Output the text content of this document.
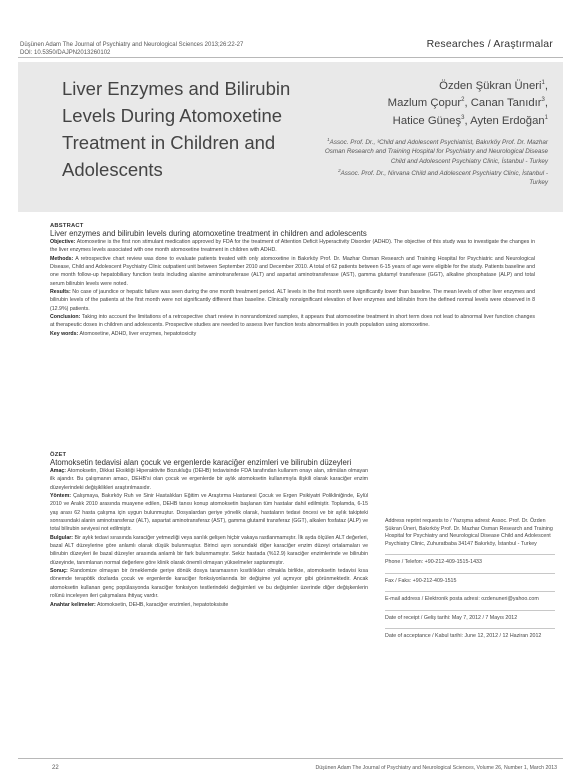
Düşünen Adam The Journal of Psychiatry and Neurological Sciences 2013;26:22-27
DOI: 10.5350/DAJPN2013260102
Researches / Araştırmalar
Liver Enzymes and Bilirubin
Levels During Atomoxetine
Treatment in Children and
Adolescents
Özden Şükran Üneri$^1$,
Mazlum Çopur$^2$, Canan Tanıdır$^3$,
Hatice Güneş$^3$, Ayten Erdoğan$^1$
$^1$Assoc. Prof. Dr., ³Child and Adolescent Psychiatrist, Bakırköy Prof. Dr. Mazhar Osman Research and Training Hospital for Psychiatry and Neurological Disease Child and Adolescent Psychiatry Clinic, İstanbul - Turkey
$^2$Assoc. Prof. Dr., Nirvana Child and Adolescent Psychiatry Clinic, İstanbul - Turkey
ABSTRACT
Liver enzymes and bilirubin levels during atomoxetine treatment in children and adolescents
Objective: Atomoxetine is the first non stimulant medication approved by FDA for the treatment of Attention Deficit Hyperactivity Disorder (ADHD). The objective of this study was to investigate the changes in the liver enzymes levels associated with one month atomoxetine treatment in children with ADHD.
Methods: A retrospective chart review was done to evaluate patients treated with only atomoxetine in Bakırköy Prof. Dr. Mazhar Osman Research and Training Hospital for Psychiatric and Neurological Disease, Child and Adolescent Psychiatry Clinic outpatient unit between September 2010 and December 2010. A total of 62 patients between 6-15 years of age were eligible for the study. Patients baseline and one month follow-up hepatobiliary function tests including alanine aminotransferase (ALT) and aspartat aminotransferase (AST), gamma glutamyl transferase (GGT), alkaline phosphatase (ALP) and total serum bilirubin levels were noted.
Results: No case of jaundice or hepatic failure was seen during the one month treatment period. ALT levels in the first month were significantly lower than baseline. The mean levels of other liver enzymes and bilirubin levels of the patients at the first month were not significantly different than baseline. Clinically nonsignificant elevation of liver enzymes and bilirubin from the defined normal levels were observed in 8 (12.9%) patients.
Conclusion: Taking into account the limitations of a retrospective chart review in nonrandomized samples, it appears that atomoxetine treatment in short term does not lead to abnormal liver function changes at therapeutic doses in children and adolescents. Prospective studies are needed to assess liver function tests abnormalities in youth population using atomoxetine.
Key words: Atomoxetine, ADHD, liver enzymes, hepatotoxicity
ÖZET
Atomoksetin tedavisi alan çocuk ve ergenlerde karaciğer enzimleri ve bilirubin düzeyleri
Amaç: Atomoksetin, Dikkat Eksikliği Hiperaktivite Bozukluğu (DEHB) tedavisinde FDA tarafından kullanım onayı alan, stimülan olmayan ilk ajandır. Bu çalışmanın amacı, DEHB'si olan çocuk ve ergenlerde bir aylık atomoksetin kullanımıyla ilişkili olarak karaciğer enzim düzeylerindeki değişiklikleri araştırılmasıdır.
Yöntem: Çalışmaya, Bakırköy Ruh ve Sinir Hastalıkları Eğitim ve Araştırma Hastanesi Çocuk ve Ergen Psikiyatri Polikliniğinde, Eylül 2010 ve Aralık 2010 arasında muayene edilen, DEHB tanısı konup atomoksetin başlanan tüm hastalar dahil edilmiştir. Toplamda, 6-15 yaş arası 62 hasta çalışma için uygun bulunmuştur. Dosyalardan geriye yönelik olarak, hastaların tedavi öncesi ve bir aylık takipteki sonrasındaki alanin aminotransferaz (ALT), aspartat aminotransferaz (AST), gamma glutamil transferaz (GGT), alkalen fosfataz (ALP) ve total bilirubin seviyesi not edilmiştir.
Bulgular: Bir aylık tedavi sırasında karaciğer yetmezliği veya sarılık gelişen hiçbir vakaya rastlanmamıştır. İlk ayda ölçülen ALT değerleri, bazal ALT düzeylerine göre anlamlı olarak düşük bulunmuştur. Birinci ayın sonundaki diğer karaciğer enzim düzeyi ortalamaları ve bilirubin düzeyleri ile bazal düzeyler arasında anlamlı bir fark bulunmamıştır. Sekiz hastada (%12.9) karaciğer enzimlerinde ve bilirubin düzeyinde, tanımlanan normal değerlere göre klinik olarak önemli olmayan yükselmeler saptanmıştır.
Sonuç: Randomize olmayan bir örneklemde geriye dönük dosya taramasının kısıtlılıkları olmakla birlikte, atomoksetin tedavisi kısa dönemde terapötik dozlarda çocuk ve ergenlerde karaciğer fonksiyonlarında bir değişime yol açmıyor gibi görünmektedir. Ancak atomoksetin kullanan genç popülasyonda karaciğer fonksiyon testlerindeki değişimleri ve bu değişimler üzerinde diğer değişkenlerin rolünü inceleyen ileri çalışmalara ihtiyaç vardır.
Anahtar kelimeler: Atomoksetin, DEHB, karaciğer enzimleri, hepatotoksisite
Address reprint requests to / Yazışma adresi: Assoc. Prof. Dr. Özden Şükran Üneri, Bakırköy Prof. Dr. Mazhar Osman Research and Training Hospital for Psychiatry and Neurological Disease Child and Adolescent Psychiatry Clinic, Zuhuratbaba 34147 Bakırköy, İstanbul - Turkey
Phone / Telefon: +90-212-409-1515-1433
Fax / Faks: +90-212-409-1515
E-mail address / Elektronik posta adresi: ozdenuneri@yahoo.com
Date of receipt / Geliş tarihi: May 7, 2012 / 7 Mayıs 2012
Date of acceptance / Kabul tarihi: June 12, 2012 / 12 Haziran 2012
22	Düşünen Adam The Journal of Psychiatry and Neurological Sciences, Volume 26, Number 1, March 2013
